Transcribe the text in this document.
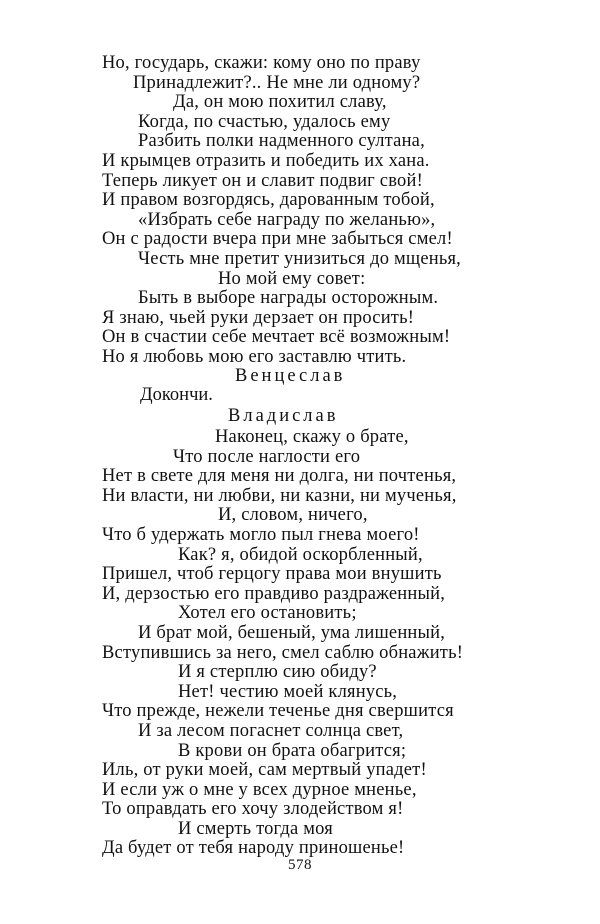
Но, государь, скажи: кому оно по праву
Принадлежит?.. Не мне ли одному?
Да, он мою похитил славу,
Когда, по счастью, удалось ему
Разбить полки надменного султана,
И крымцев отразить и победить их хана.
Теперь ликует он и славит подвиг свой!
И правом возгордясь, дарованным тобой,
«Избрать себе награду по желанью»,
Он с радости вчера при мне забыться смел!
Честь мне претит унизиться до мщенья,
Но мой ему совет:
Быть в выборе награды осторожным.
Я знаю, чьей руки дерзает он просить!
Он в счастии себе мечтает всё возможным!
Но я любовь мою его заставлю чтить.
Венцеслав
Докончи.
Владислав
Наконец, скажу о брате,
Что после наглости его
Нет в свете для меня ни долга, ни почтенья,
Ни власти, ни любви, ни казни, ни мученья,
И, словом, ничего,
Что б удержать могло пыл гнева моего!
Как? я, обидой оскорбленный,
Пришел, чтоб герцогу права мои внушить
И, дерзостью его правдиво раздраженный,
Хотел его остановить;
И брат мой, бешеный, ума лишенный,
Вступившись за него, смел саблю обнажить!
И я стерплю сию обиду?
Нет! честию моей клянусь,
Что прежде, нежели теченье дня свершится
И за лесом погаснет солнца свет,
В крови он брата обагрится;
Иль, от руки моей, сам мертвый упадет!
И если уж о мне у всех дурное мненье,
То оправдать его хочу злодейством я!
И смерть тогда моя
Да будет от тебя народу приношенье!
578
